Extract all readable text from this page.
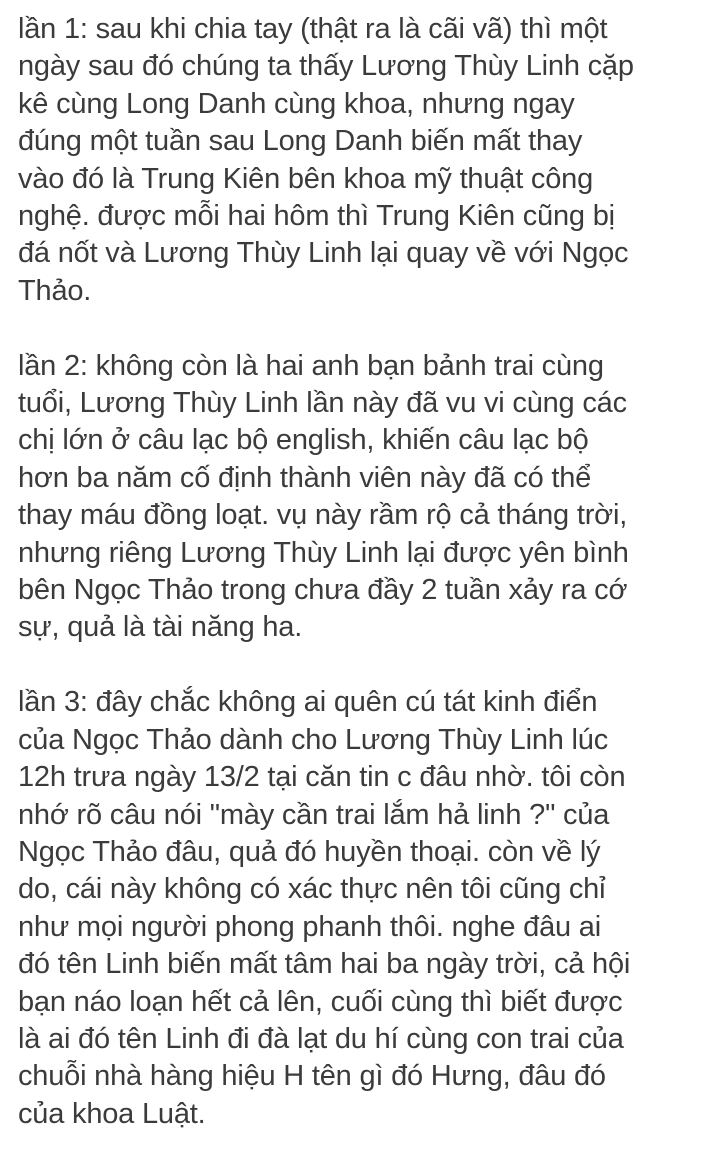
lần 1: sau khi chia tay (thật ra là cãi vã) thì một
ngày sau đó chúng ta thấy Lương Thùy Linh cặp
kê cùng Long Danh cùng khoa, nhưng ngay
đúng một tuần sau Long Danh biến mất thay
vào đó là Trung Kiên bên khoa mỹ thuật công
nghệ. được mỗi hai hôm thì Trung Kiên cũng bị
đá nốt và Lương Thùy Linh lại quay về với Ngọc
Thảo.

lần 2: không còn là hai anh bạn bảnh trai cùng
tuổi, Lương Thùy Linh lần này đã vu vi cùng các
chị lớn ở câu lạc bộ english, khiến câu lạc bộ
hơn ba năm cố định thành viên này đã có thể
thay máu đồng loạt. vụ này rầm rộ cả tháng trời,
nhưng riêng Lương Thùy Linh lại được yên bình
bên Ngọc Thảo trong chưa đầy 2 tuần xảy ra cớ
sự, quả là tài năng ha.

lần 3: đây chắc không ai quên cú tát kinh điển
của Ngọc Thảo dành cho Lương Thùy Linh lúc
12h trưa ngày 13/2 tại căn tin c đâu nhờ. tôi còn
nhớ rõ câu nói "mày cần trai lắm hả linh ?" của
Ngọc Thảo đâu, quả đó huyền thoại. còn về lý
do, cái này không có xác thực nên tôi cũng chỉ
như mọi người phong phanh thôi. nghe đâu ai
đó tên Linh biến mất tâm hai ba ngày trời, cả hội
bạn náo loạn hết cả lên, cuối cùng thì biết được
là ai đó tên Linh đi đà lạt du hí cùng con trai của
chuỗi nhà hàng hiệu H tên gì đó Hưng, đâu đó
của khoa Luật.
